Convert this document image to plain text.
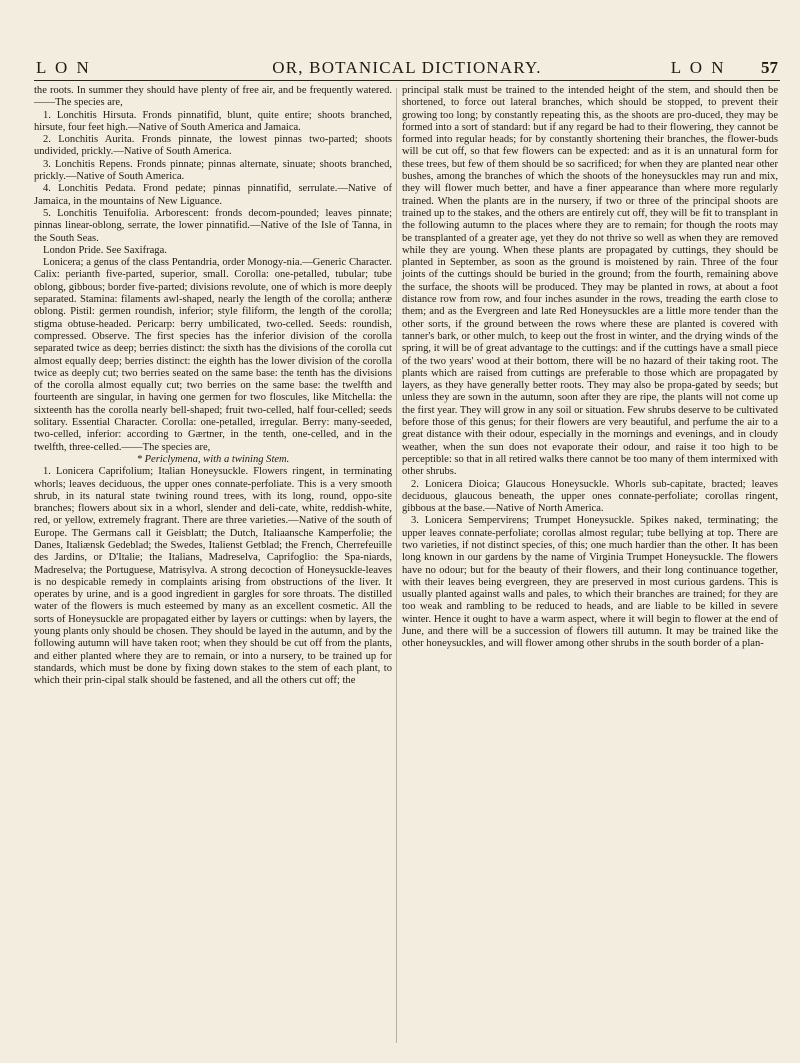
L O N	OR, BOTANICAL DICTIONARY.	L O N 57

the roots. In summer they should have plenty of free air, and be frequently watered.——The species are,

1. Lonchitis Hirsuta. Fronds pinnatifid, blunt, quite entire; shoots branched, hirsute, four feet high.—Native of South America and Jamaica.

2. Lonchitis Aurita. Fronds pinnate, the lowest pinnas two-parted; shoots undivided, prickly.—Native of South America.

3. Lonchitis Repens. Fronds pinnate; pinnas alternate, sinuate; shoots branched, prickly.—Native of South America.

4. Lonchitis Pedata. Frond pedate; pinnas pinnatifid, serrulate.—Native of Jamaica, in the mountains of New Liguance.

5. Lonchitis Tenuifolia. Arborescent: fronds decom-pounded; leaves pinnate; pinnas linear-oblong, serrate, the lower pinnatifid.—Native of the Isle of Tanna, in the South Seas.

London Pride. See Saxifraga.

Lonicera; a genus of the class Pentandria, order Monogy-nia.—Generic Character. Calix: perianth five-parted, superior, small. Corolla: one-petalled, tubular; tube oblong, gibbous; border five-parted; divisions revolute, one of which is more deeply separated. Stamina: filaments awl-shaped, nearly the length of the corolla; antheræ oblong. Pistil: germen roundish, inferior; style filiform, the length of the corolla; stigma obtuse-headed. Pericarp: berry umbilicated, two-celled. Seeds: roundish, compressed. Observe. The first species has the inferior division of the corolla separated twice as deep; berries distinct: the sixth has the divisions of the corolla cut almost equally deep; berries distinct: the eighth has the lower division of the corolla twice as deeply cut; two berries seated on the same base: the tenth has the divisions of the corolla almost equally cut; two berries on the same base: the twelfth and fourteenth are singular, in having one germen for two floscules, like Mitchella: the sixteenth has the corolla nearly bell-shaped; fruit two-celled, half four-celled; seeds solitary. Essential Character. Corolla: one-petalled, irregular. Berry: many-seeded, two-celled, inferior: according to Gærtner, in the tenth, one-celled, and in the twelfth, three-celled.——The species are,

* Periclymena, with a twining Stem.

1. Lonicera Caprifolium; Italian Honeysuckle. Flowers ringent, in terminating whorls; leaves deciduous, the upper ones connate-perfoliate. This is a very smooth shrub, in its natural state twining round trees, with its long, round, oppo-site branches; flowers about six in a whorl, slender and deli-cate, white, reddish-white, red, or yellow, extremely fragrant. There are three varieties.—Native of the south of Europe. The Germans call it Geisblatt; the Dutch, Italiaansche Kamperfolie; the Danes, Italiænsk Gedeblad; the Swedes, Italienst Getblad; the French, Cherrefeuille des Jardins, or D'Italie; the Italians, Madreselva, Caprifoglio: the Spa-niards, Madreselva; the Portuguese, Matrisylva. A strong decoction of Honeysuckle-leaves is no despicable remedy in complaints arising from obstructions of the liver. It operates by urine, and is a good ingredient in gargles for sore throats. The distilled water of the flowers is much esteemed by many as an excellent cosmetic. All the sorts of Honeysuckle are propagated either by layers or cuttings: when by layers, the young plants only should be chosen. They should be layed in the autumn, and by the following autumn will have taken root; when they should be cut off from the plants, and either planted where they are to remain, or into a nursery, to be trained up for standards, which must be done by fixing down stakes to the stem of each plant, to which their prin-cipal stalk should be fastened, and all the others cut off; the

principal stalk must be trained to the intended height of the stem, and should then be shortened, to force out lateral branches, which should be stopped, to prevent their growing too long; by constantly repeating this, as the shoots are pro-duced, they may be formed into a sort of standard: but if any regard be had to their flowering, they cannot be formed into regular heads; for by constantly shortening their branches, the flower-buds will be cut off, so that few flowers can be expected: and as it is an unnatural form for these trees, but few of them should be so sacrificed; for when they are planted near other bushes, among the branches of which the shoots of the honeysuckles may run and mix, they will flower much better, and have a finer appearance than where more regularly trained. When the plants are in the nursery, if two or three of the principal shoots are trained up to the stakes, and the others are entirely cut off, they will be fit to transplant in the following autumn to the places where they are to remain; for though the roots may be transplanted of a greater age, yet they do not thrive so well as when they are removed while they are young. When these plants are propagated by cuttings, they should be planted in September, as soon as the ground is moistened by rain. Three of the four joints of the cuttings should be buried in the ground; from the fourth, remaining above the surface, the shoots will be produced. They may be planted in rows, at about a foot distance row from row, and four inches asunder in the rows, treading the earth close to them; and as the Evergreen and late Red Honeysuckles are a little more tender than the other sorts, if the ground between the rows where these are planted is covered with tanner's bark, or other mulch, to keep out the frost in winter, and the drying winds of the spring, it will be of great advantage to the cuttings: and if the cuttings have a small piece of the two years' wood at their bottom, there will be no hazard of their taking root. The plants which are raised from cuttings are preferable to those which are propagated by layers, as they have generally better roots. They may also be propa-gated by seeds; but unless they are sown in the autumn, soon after they are ripe, the plants will not come up the first year. They will grow in any soil or situation. Few shrubs deserve to be cultivated before those of this genus; for their flowers are very beautiful, and perfume the air to a great distance with their odour, especially in the mornings and evenings, and in cloudy weather, when the sun does not evaporate their odour, and raise it too high to be perceptible: so that in all retired walks there cannot be too many of them intermixed with other shrubs.

2. Lonicera Dioica; Glaucous Honeysuckle. Whorls sub-capitate, bracted; leaves deciduous, glaucous beneath, the upper ones connate-perfoliate; corollas ringent, gibbous at the base.—Native of North America.

3. Lonicera Sempervirens; Trumpet Honeysuckle. Spikes naked, terminating; the upper leaves connate-perfoliate; corollas almost regular; tube bellying at top. There are two varieties, if not distinct species, of this; one much hardier than the other. It has been long known in our gardens by the name of Virginia Trumpet Honeysuckle. The flowers have no odour; but for the beauty of their flowers, and their long continuance together, with their leaves being evergreen, they are preserved in most curious gardens. This is usually planted against walls and pales, to which their branches are trained; for they are too weak and rambling to be reduced to heads, and are liable to be killed in severe winter. Hence it ought to have a warm aspect, where it will begin to flower at the end of June, and there will be a succession of flowers till autumn. It may be trained like the other honeysuckles, and will flower among other shrubs in the south border of a plan-
